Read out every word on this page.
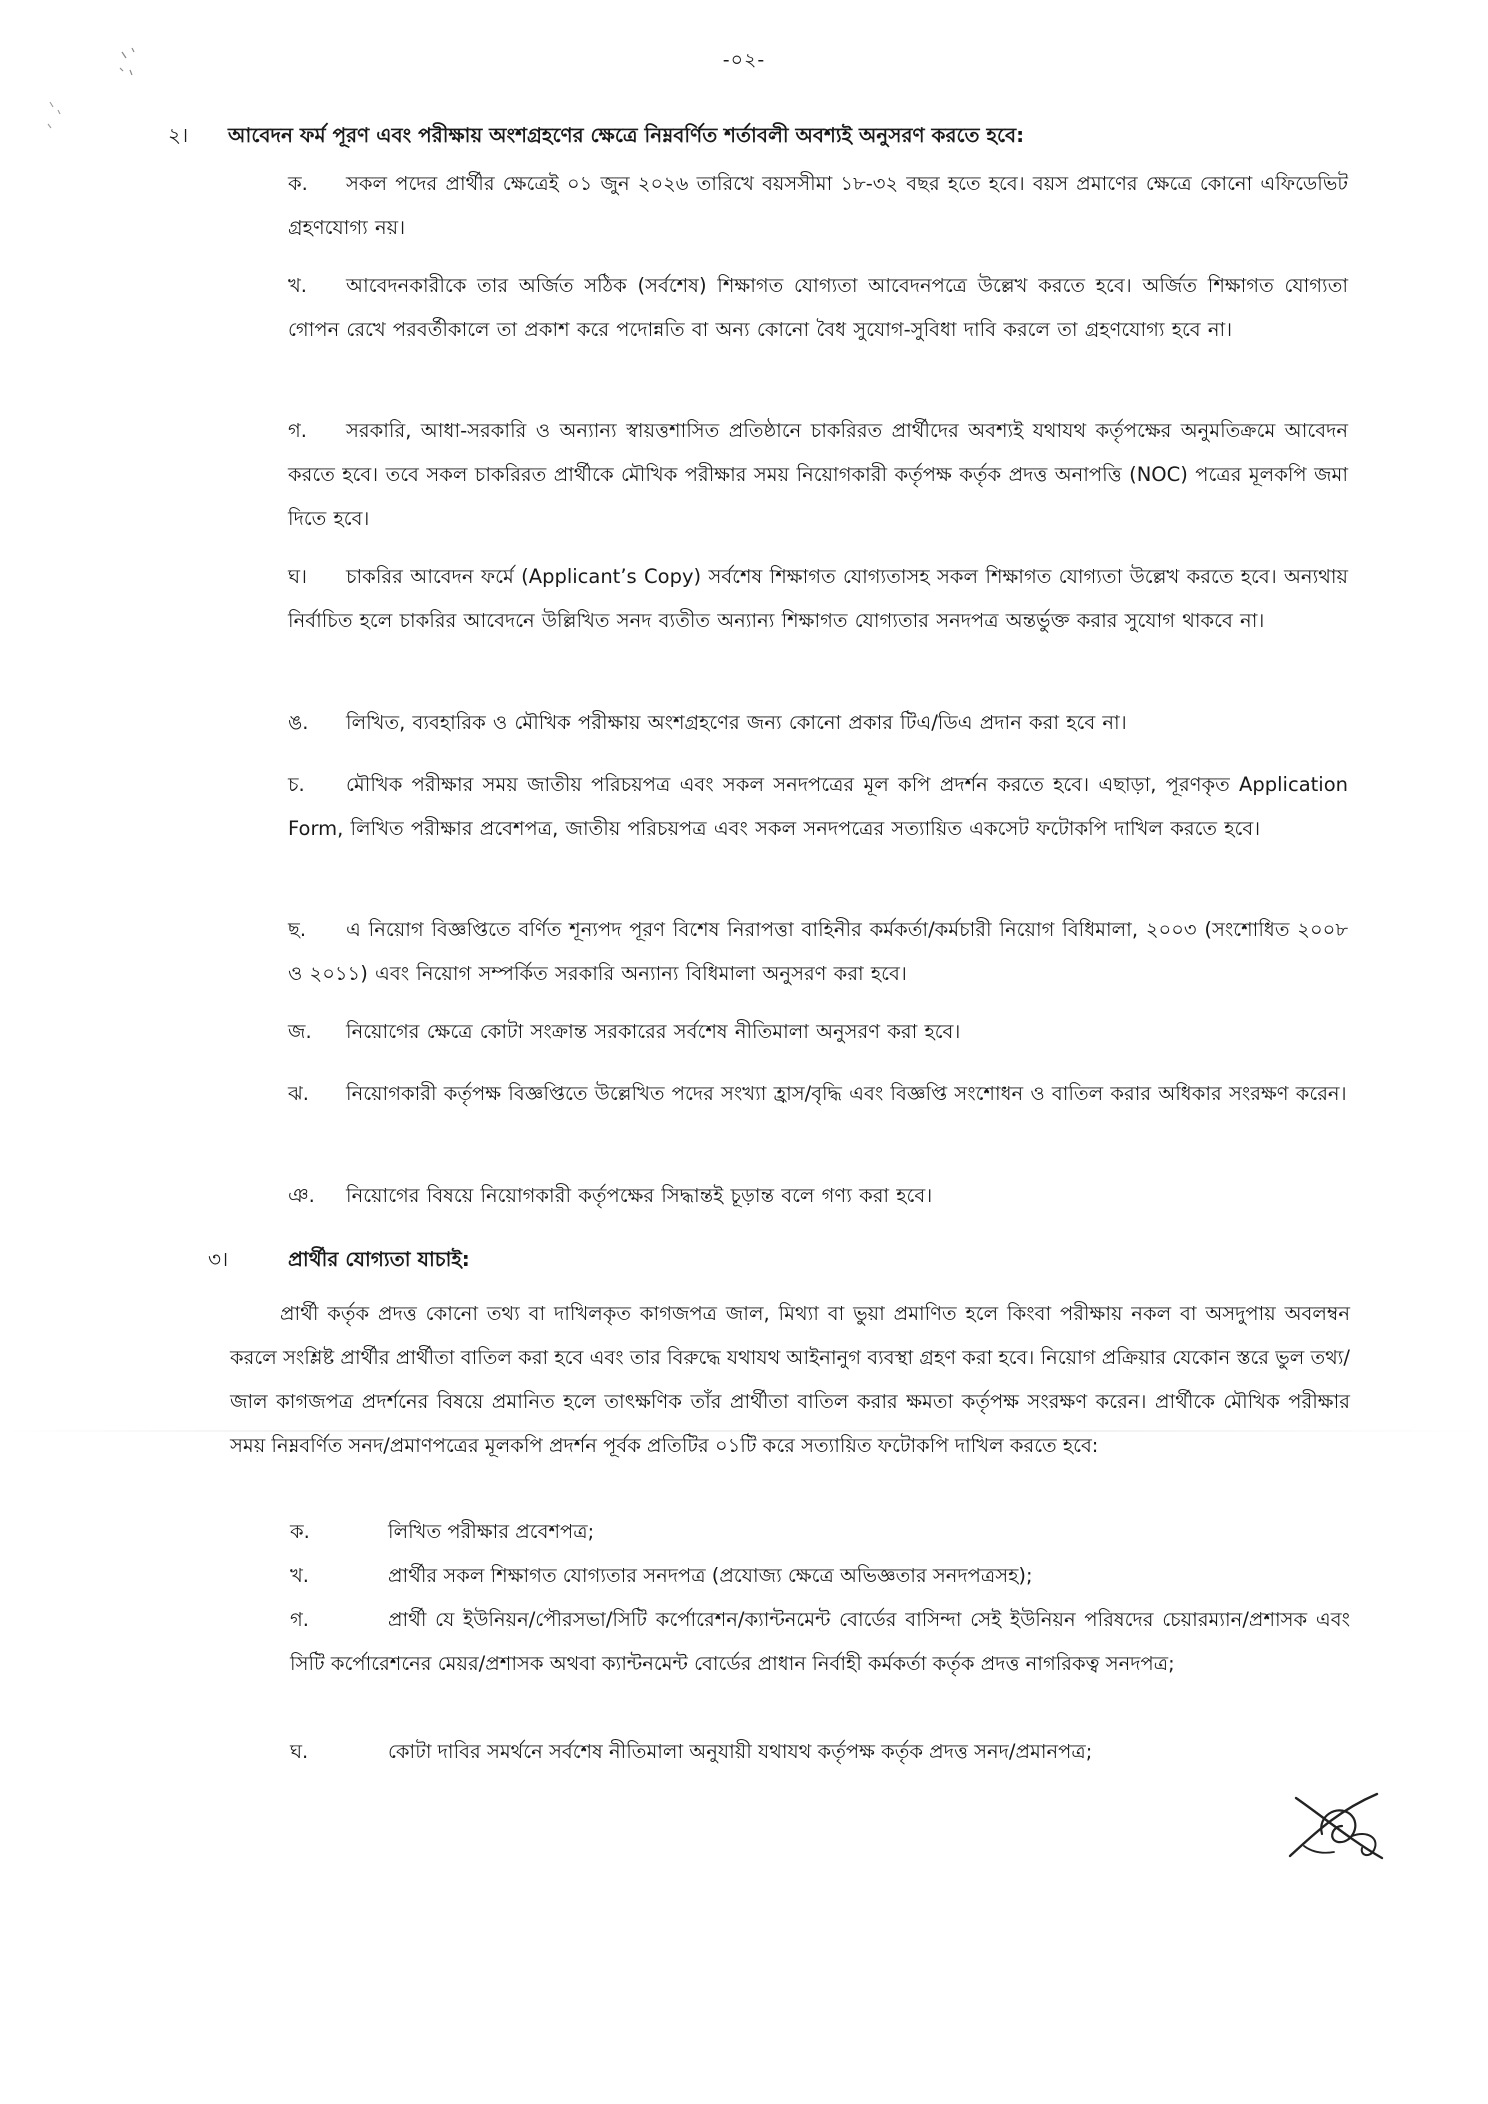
-০২-
২। আবেদন ফর্ম পূরণ এবং পরীক্ষায় অংশগ্রহণের ক্ষেত্রে নিম্নবর্ণিত শর্তাবলী অবশ্যই অনুসরণ করতে হবে:
ক. সকল পদের প্রার্থীর ক্ষেত্রেই ০১ জুন ২০২৬ তারিখে বয়সসীমা ১৮-৩২ বছর হতে হবে। বয়স প্রমাণের ক্ষেত্রে কোনো এফিডেভিট গ্রহণযোগ্য নয়।
খ. আবেদনকারীকে তার অর্জিত সঠিক (সর্বশেষ) শিক্ষাগত যোগ্যতা আবেদনপত্রে উল্লেখ করতে হবে। অর্জিত শিক্ষাগত যোগ্যতা গোপন রেখে পরবর্তীকালে তা প্রকাশ করে পদোন্নতি বা অন্য কোনো বৈধ সুযোগ-সুবিধা দাবি করলে তা গ্রহণযোগ্য হবে না।
গ. সরকারি, আধা-সরকারি ও অন্যান্য স্বায়ত্তশাসিত প্রতিষ্ঠানে চাকরিরত প্রার্থীদের অবশ্যই যথাযথ কর্তৃপক্ষের অনুমতিক্রমে আবেদন করতে হবে। তবে সকল চাকরিরত প্রার্থীকে মৌখিক পরীক্ষার সময় নিয়োগকারী কর্তৃপক্ষ কর্তৃক প্রদত্ত অনাপত্তি (NOC) পত্রের মূলকপি জমা দিতে হবে।
ঘ। চাকরির আবেদন ফর্মে (Applicant’s Copy) সর্বশেষ শিক্ষাগত যোগ্যতাসহ সকল শিক্ষাগত যোগ্যতা উল্লেখ করতে হবে। অন্যথায় নির্বাচিত হলে চাকরির আবেদনে উল্লিখিত সনদ ব্যতীত অন্যান্য শিক্ষাগত যোগ্যতার সনদপত্র অন্তর্ভুক্ত করার সুযোগ থাকবে না।
ঙ. লিখিত, ব্যবহারিক ও মৌখিক পরীক্ষায় অংশগ্রহণের জন্য কোনো প্রকার টিএ/ডিএ প্রদান করা হবে না।
চ. মৌখিক পরীক্ষার সময় জাতীয় পরিচয়পত্র এবং সকল সনদপত্রের মূল কপি প্রদর্শন করতে হবে। এছাড়া, পূরণকৃত Application Form, লিখিত পরীক্ষার প্রবেশপত্র, জাতীয় পরিচয়পত্র এবং সকল সনদপত্রের সত্যায়িত একসেট ফটোকপি দাখিল করতে হবে।
ছ. এ নিয়োগ বিজ্ঞপ্তিতে বর্ণিত শূন্যপদ পূরণ বিশেষ নিরাপত্তা বাহিনীর কর্মকর্তা/কর্মচারী নিয়োগ বিধিমালা, ২০০৩ (সংশোধিত ২০০৮ ও ২০১১) এবং নিয়োগ সম্পর্কিত সরকারি অন্যান্য বিধিমালা অনুসরণ করা হবে।
জ. নিয়োগের ক্ষেত্রে কোটা সংক্রান্ত সরকারের সর্বশেষ নীতিমালা অনুসরণ করা হবে।
ঝ. নিয়োগকারী কর্তৃপক্ষ বিজ্ঞপ্তিতে উল্লেখিত পদের সংখ্যা হ্রাস/বৃদ্ধি এবং বিজ্ঞপ্তি সংশোধন ও বাতিল করার অধিকার সংরক্ষণ করেন।
ঞ. নিয়োগের বিষয়ে নিয়োগকারী কর্তৃপক্ষের সিদ্ধান্তই চূড়ান্ত বলে গণ্য করা হবে।
৩।	প্রার্থীর যোগ্যতা যাচাই:
প্রার্থী কর্তৃক প্রদত্ত কোনো তথ্য বা দাখিলকৃত কাগজপত্র জাল, মিথ্যা বা ভুয়া প্রমাণিত হলে কিংবা পরীক্ষায় নকল বা অসদুপায় অবলম্বন করলে সংশ্লিষ্ট প্রার্থীর প্রার্থীতা বাতিল করা হবে এবং তার বিরুদ্ধে যথাযথ আইনানুগ ব্যবস্থা গ্রহণ করা হবে। নিয়োগ প্রক্রিয়ার যেকোন স্তরে ভুল তথ্য/জাল কাগজপত্র প্রদর্শনের বিষয়ে প্রমানিত হলে তাৎক্ষণিক তাঁর প্রার্থীতা বাতিল করার ক্ষমতা কর্তৃপক্ষ সংরক্ষণ করেন। প্রার্থীকে মৌখিক পরীক্ষার সময় নিম্নবর্ণিত সনদ/প্রমাণপত্রের মূলকপি প্রদর্শন পূর্বক প্রতিটির ০১টি করে সত্যায়িত ফটোকপি দাখিল করতে হবে:
ক.	লিখিত পরীক্ষার প্রবেশপত্র;
খ.	প্রার্থীর সকল শিক্ষাগত যোগ্যতার সনদপত্র (প্রযোজ্য ক্ষেত্রে অভিজ্ঞতার সনদপত্রসহ);
গ.	প্রার্থী যে ইউনিয়ন/পৌরসভা/সিটি কর্পোরেশন/ক্যান্টনমেন্ট বোর্ডের বাসিন্দা সেই ইউনিয়ন পরিষদের চেয়ারম্যান/প্রশাসক এবং সিটি কর্পোরেশনের মেয়র/প্রশাসক অথবা ক্যান্টনমেন্ট বোর্ডের প্রাধান নির্বাহী কর্মকর্তা কর্তৃক প্রদত্ত নাগরিকত্ব সনদপত্র;
ঘ.	কোটা দাবির সমর্থনে সর্বশেষ নীতিমালা অনুযায়ী যথাযথ কর্তৃপক্ষ কর্তৃক প্রদত্ত সনদ/প্রমানপত্র;
